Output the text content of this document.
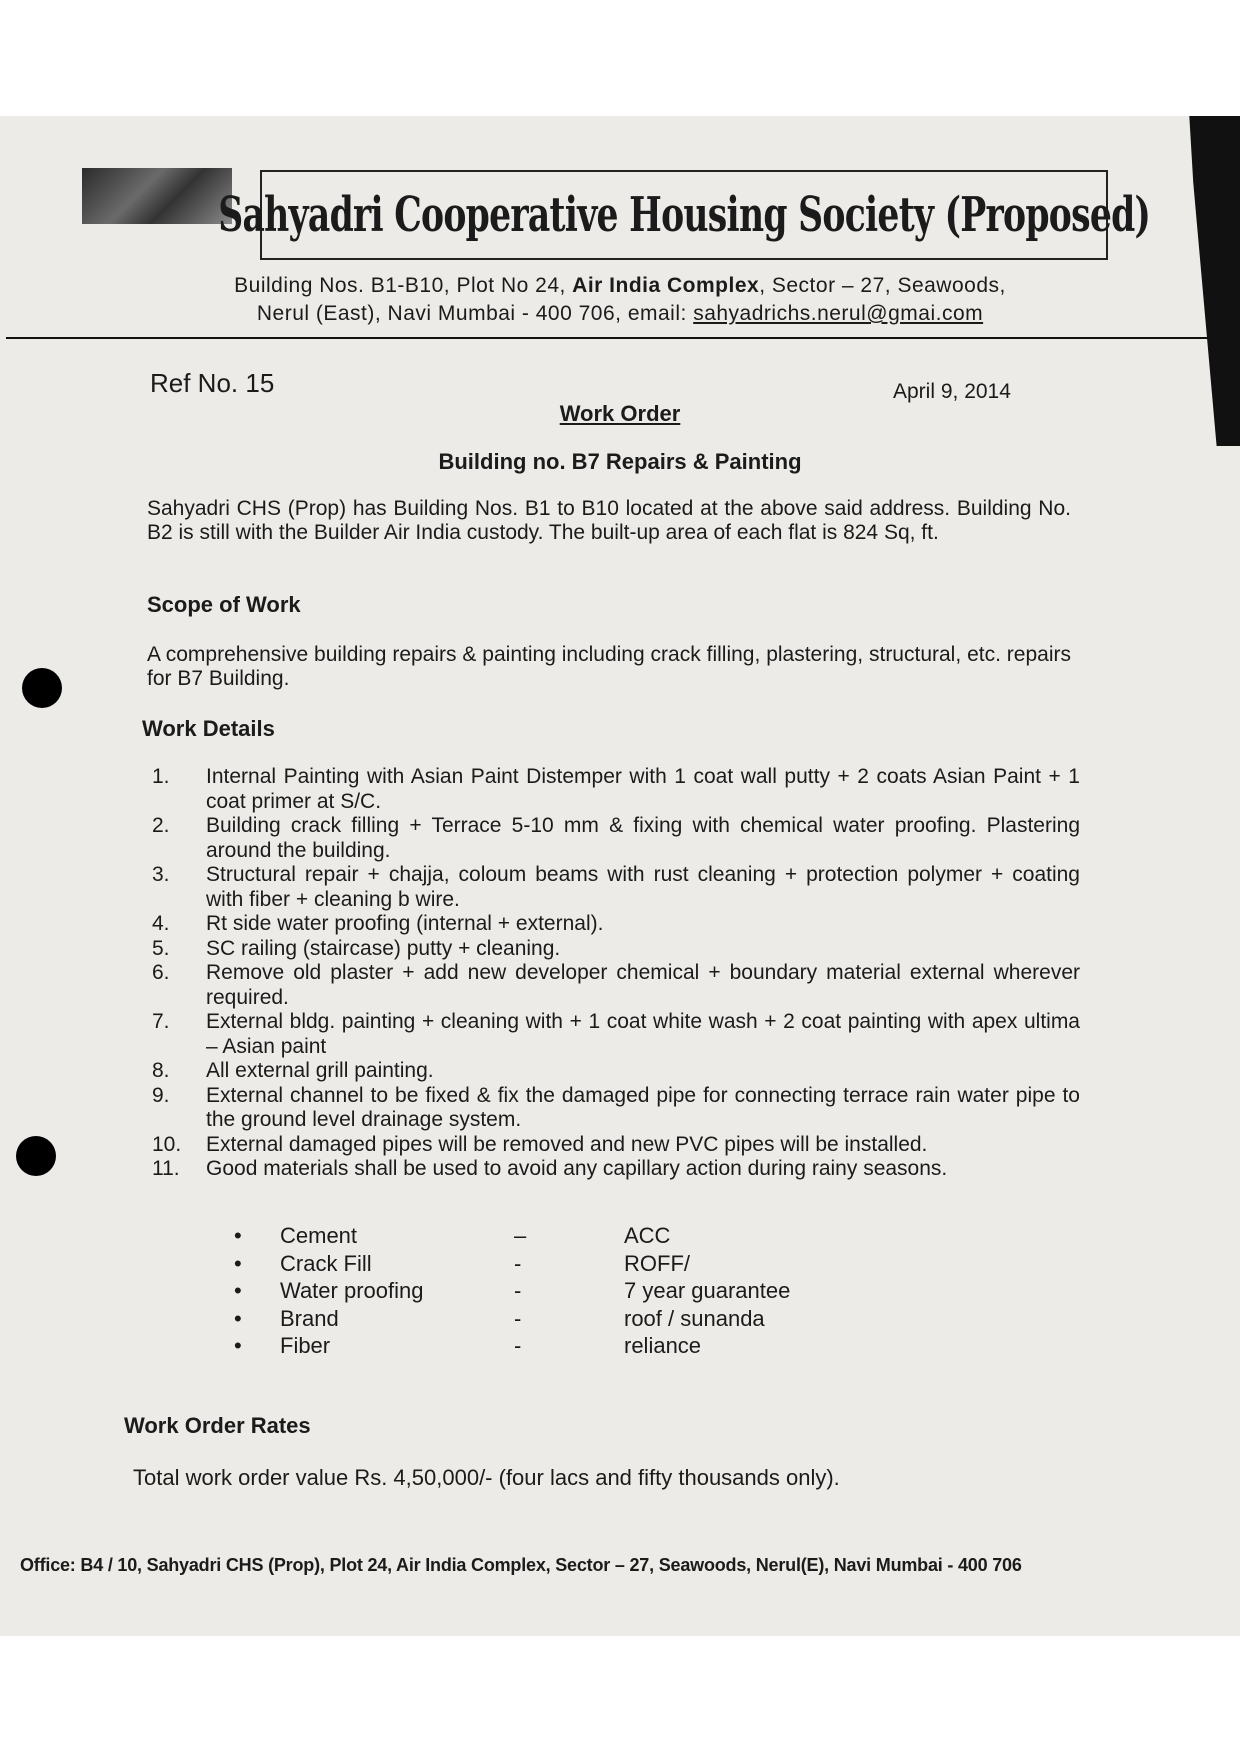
Sahyadri Cooperative Housing Society (Proposed)
Building Nos. B1-B10, Plot No 24, Air India Complex, Sector – 27, Seawoods,
Nerul (East), Navi Mumbai - 400 706, email: sahyadrichs.nerul@gmai.com
Ref No. 15	April 9, 2014
Work Order
Building no. B7 Repairs & Painting
Sahyadri CHS (Prop) has Building Nos. B1 to B10 located at the above said address. Building No. B2 is still with the Builder Air India custody. The built-up area of each flat is 824 Sq, ft.
Scope of Work
A comprehensive building repairs & painting including crack filling, plastering, structural, etc. repairs for B7 Building.
Work Details
1.	Internal Painting with Asian Paint Distemper with 1 coat wall putty + 2 coats Asian Paint + 1 coat primer at S/C.
2.	Building crack filling + Terrace 5-10 mm & fixing with chemical water proofing. Plastering around the building.
3.	Structural repair + chajja, coloum beams with rust cleaning + protection polymer + coating with fiber + cleaning b wire.
4.	Rt side water proofing (internal + external).
5.	SC railing (staircase) putty + cleaning.
6.	Remove old plaster + add new developer chemical + boundary material external wherever required.
7.	External bldg. painting + cleaning with + 1 coat white wash + 2 coat painting with apex ultima – Asian paint
8.	All external grill painting.
9.	External channel to be fixed & fix the damaged pipe for connecting terrace rain water pipe to the ground level drainage system.
10.	External damaged pipes will be removed and new PVC pipes will be installed.
11.	Good materials shall be used to avoid any capillary action during rainy seasons.
•	Cement	–	ACC
•	Crack Fill	-	ROFF/
•	Water proofing	-	7 year guarantee
•	Brand	-	roof / sunanda
•	Fiber	-	reliance
Work Order Rates
Total work order value Rs. 4,50,000/- (four lacs and fifty thousands only).
Office: B4 / 10, Sahyadri CHS (Prop), Plot 24, Air India Complex, Sector – 27, Seawoods, Nerul(E), Navi Mumbai - 400 706
